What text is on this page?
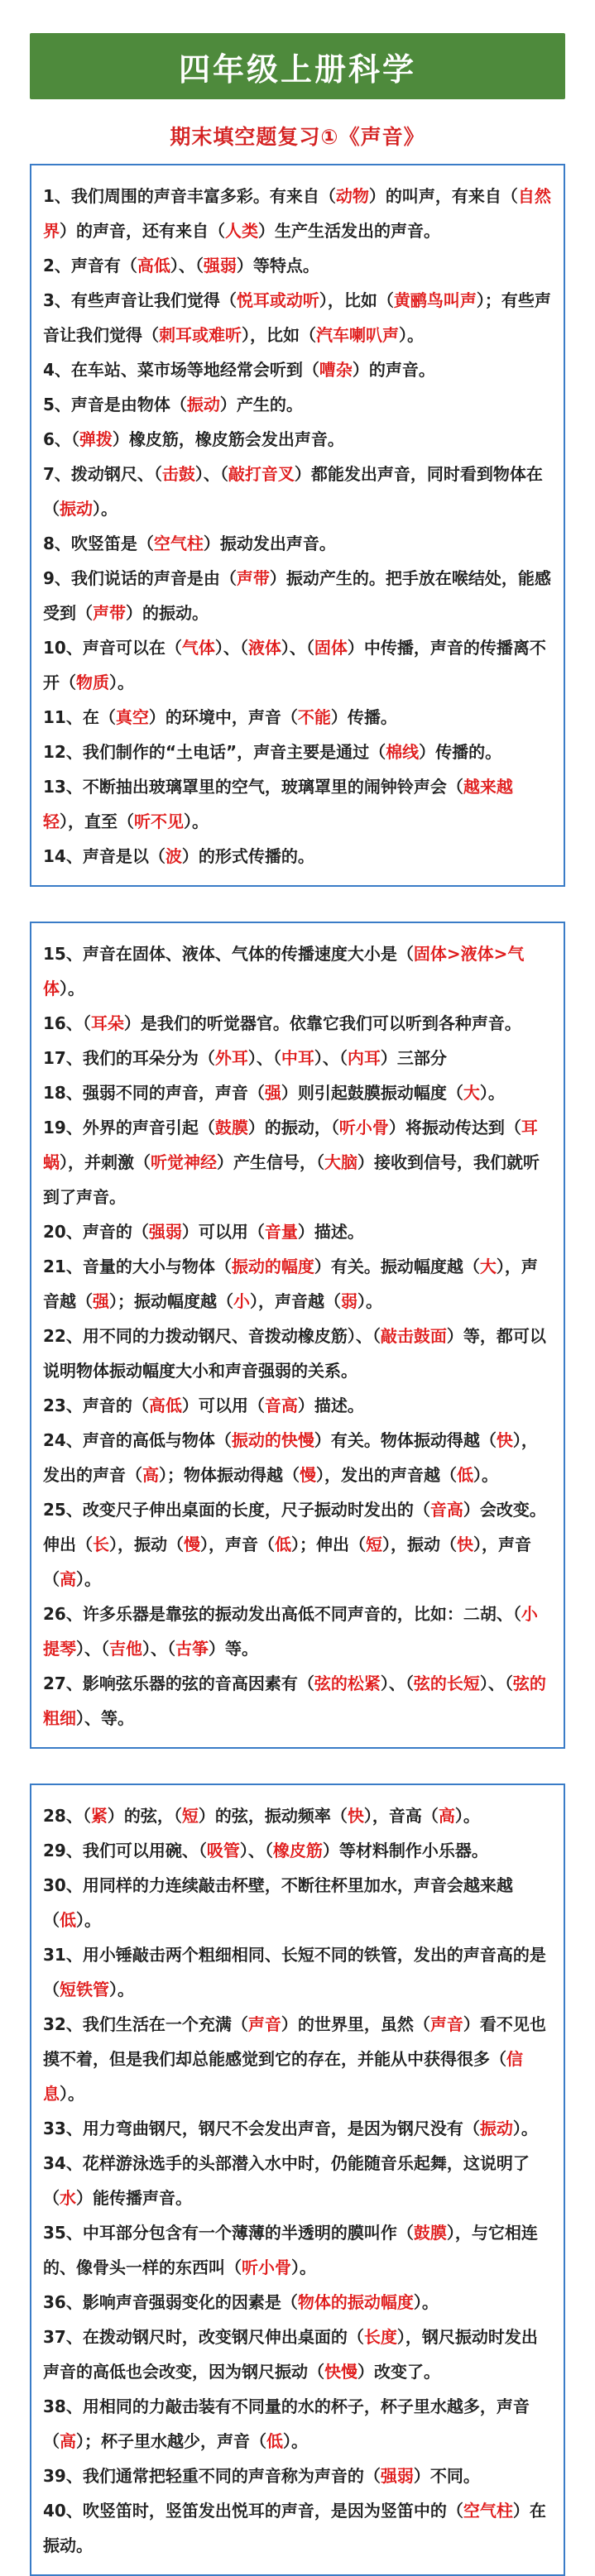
四年级上册科学
期末填空题复习①《声音》

1、我们周围的声音丰富多彩。有来自（动物）的叫声，有来自（自然界）的声音，还有来自（人类）生产生活发出的声音。

2、声音有（高低）、（强弱）等特点。

3、有些声音让我们觉得（悦耳或动听），比如（黄鹂鸟叫声）；有些声音让我们觉得（刺耳或难听），比如（汽车喇叭声）。

4、在车站、菜市场等地经常会听到（嘈杂）的声音。

5、声音是由物体（振动）产生的。

6、（弹拨）橡皮筋，橡皮筋会发出声音。

7、拨动钢尺、（击鼓）、（敲打音叉）都能发出声音，同时看到物体在（振动）。

8、吹竖笛是（空气柱）振动发出声音。

9、我们说话的声音是由（声带）振动产生的。把手放在喉结处，能感受到（声带）的振动。

10、声音可以在（气体）、（液体）、（固体）中传播，声音的传播离不开（物质）。

11、在（真空）的环境中，声音（不能）传播。

12、我们制作的“土电话”，声音主要是通过（棉线）传播的。

13、不断抽出玻璃罩里的空气，玻璃罩里的闹钟铃声会（越来越轻），直至（听不见）。

14、声音是以（波）的形式传播的。

15、声音在固体、液体、气体的传播速度大小是（固体>液体>气体）。

16、（耳朵）是我们的听觉器官。依靠它我们可以听到各种声音。

17、我们的耳朵分为（外耳）、（中耳）、（内耳）三部分

18、强弱不同的声音，声音（强）则引起鼓膜振动幅度（大）。

19、外界的声音引起（鼓膜）的振动，（听小骨）将振动传达到（耳蜗），并刺激（听觉神经）产生信号，（大脑）接收到信号，我们就听到了声音。

20、声音的（强弱）可以用（音量）描述。

21、音量的大小与物体（振动的幅度）有关。振动幅度越（大），声音越（强）；振动幅度越（小），声音越（弱）。

22、用不同的力拨动钢尺、音拨动橡皮筋）、（敲击鼓面）等，都可以说明物体振动幅度大小和声音强弱的关系。

23、声音的（高低）可以用（音高）描述。

24、声音的高低与物体（振动的快慢）有关。物体振动得越（快），发出的声音（高）；物体振动得越（慢），发出的声音越（低）。

25、改变尺子伸出桌面的长度，尺子振动时发出的（音高）会改变。伸出（长），振动（慢），声音（低）；伸出（短），振动（快），声音（高）。

26、许多乐器是靠弦的振动发出高低不同声音的，比如：二胡、（小提琴）、（吉他）、（古筝）等。

27、影响弦乐器的弦的音高因素有（弦的松紧）、（弦的长短）、（弦的粗细）、等。

28、（紧）的弦，（短）的弦，振动频率（快），音高（高）。

29、我们可以用碗、（吸管）、（橡皮筋）等材料制作小乐器。

30、用同样的力连续敲击杯壁，不断往杯里加水，声音会越来越（低）。

31、用小锤敲击两个粗细相同、长短不同的铁管，发出的声音高的是（短铁管）。

32、我们生活在一个充满（声音）的世界里，虽然（声音）看不见也摸不着，但是我们却总能感觉到它的存在，并能从中获得很多（信息）。

33、用力弯曲钢尺，钢尺不会发出声音，是因为钢尺没有（振动）。

34、花样游泳选手的头部潜入水中时，仍能随音乐起舞，这说明了（水）能传播声音。

35、中耳部分包含有一个薄薄的半透明的膜叫作（鼓膜），与它相连的、像骨头一样的东西叫（听小骨）。

36、影响声音强弱变化的因素是（物体的振动幅度）。

37、在拨动钢尺时，改变钢尺伸出桌面的（长度），钢尺振动时发出声音的高低也会改变，因为钢尺振动（快慢）改变了。

38、用相同的力敲击装有不同量的水的杯子，杯子里水越多，声音（高）；杯子里水越少，声音（低）。

39、我们通常把轻重不同的声音称为声音的（强弱）不同。

40、吹竖笛时，竖笛发出悦耳的声音，是因为竖笛中的（空气柱）在振动。
